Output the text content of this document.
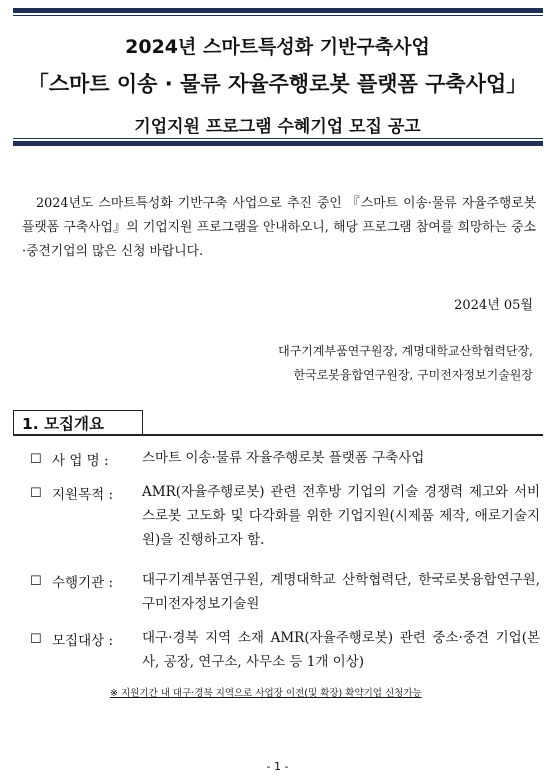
2024년 스마트특성화 기반구축사업
「스마트 이송 · 물류 자율주행로봇 플랫폼 구축사업」
기업지원 프로그램 수혜기업 모집 공고
2024년도 스마트특성화 기반구축 사업으로 추진 중인 『스마트 이송·물류 자율주행로봇 플랫폼 구축사업』의 기업지원 프로그램을 안내하오니, 해당 프로그램 참여를 희망하는 중소·중견기업의 많은 신청 바랍니다.
2024년 05월
대구기계부품연구원장, 계명대학교산학협력단장,
한국로봇융합연구원장, 구미전자정보기술원장
1. 모집개요
☐ 사 업 명 : 스마트 이송·물류 자율주행로봇 플랫폼 구축사업
☐ 지원목적 : AMR(자율주행로봇) 관련 전후방 기업의 기술 경쟁력 제고와 서비스로봇 고도화 및 다각화를 위한 기업지원(시제품 제작, 애로기술지원)을 진행하고자 함.
☐ 수행기관 : 대구기계부품연구원, 계명대학교 산학협력단, 한국로봇융합연구원, 구미전자정보기술원
☐ 모집대상 : 대구·경북 지역 소재 AMR(자율주행로봇) 관련 중소·중견 기업(본사, 공장, 연구소, 사무소 등 1개 이상)
※ 지원기간 내 대구·경북 지역으로 사업장 이전(및 확장) 확약기업 신청가능
- 1 -
